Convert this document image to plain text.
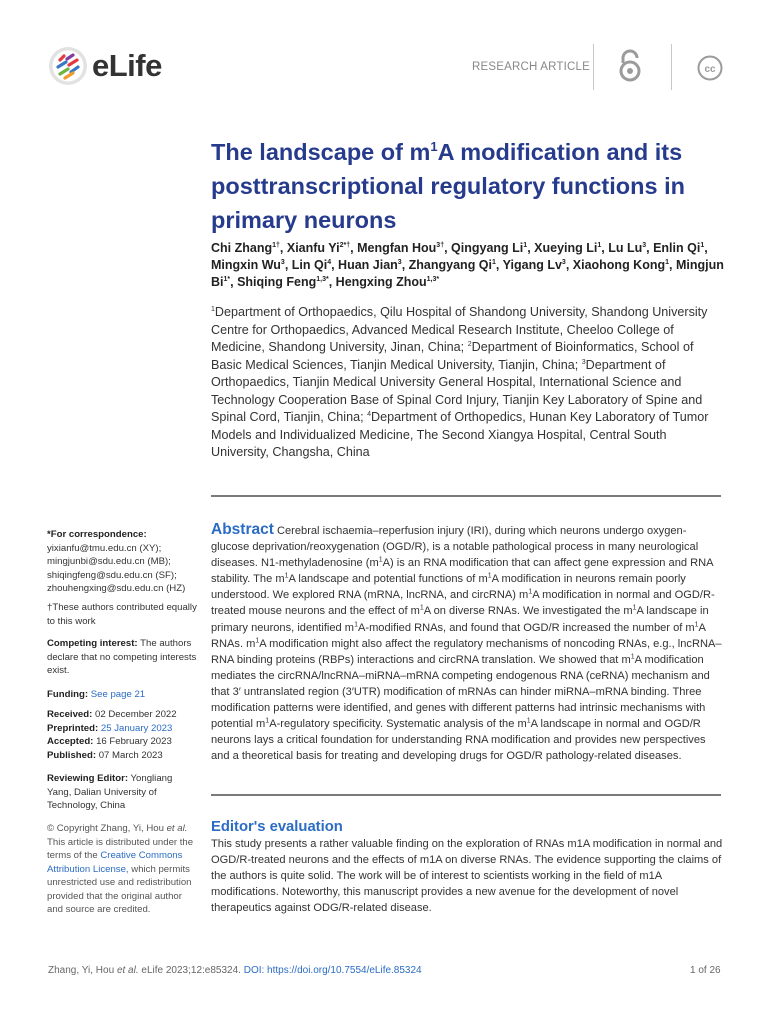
eLife	RESEARCH ARTICLE	cc
The landscape of $m^1A$ modification and its posttranscriptional regulatory functions in primary neurons
Chi Zhang$^{1\dagger}$, Xianfu $Yi^{2*\dagger}$, Mengfan Hou$^{3\dagger}$, Qingyang Li$^1$, Xueying Li$^1$, Lu Lu$^3$, Enlin Qi$^1$, Mingxin Wu$^3$, Lin Qi$^4$, Huan Jian$^3$, Zhangyang Qi$^1$, Yigang Lv$^3$, Xiaohong Kong$^1$, Mingjun $Bi^{1*}$, Shiqing Feng$^{1,3*}$, Hengxing Zhou$^{1,3*}$
$^1$Department of Orthopaedics, Qilu Hospital of Shandong University, Shandong University Centre for Orthopaedics, Advanced Medical Research Institute, Cheeloo College of Medicine, Shandong University, Jinan, China; $^2$Department of Bioinformatics, School of Basic Medical Sciences, Tianjin Medical University, Tianjin, China; $^3$Department of Orthopaedics, Tianjin Medical University General Hospital, International Science and Technology Cooperation Base of Spinal Cord Injury, Tianjin Key Laboratory of Spine and Spinal Cord, Tianjin, China; $^4$Department of Orthopedics, Hunan Key Laboratory of Tumor Models and Individualized Medicine, The Second Xiangya Hospital, Central South University, Changsha, China
*For correspondence:
yixianfu@tmu.edu.cn (XY);
mingjunbi@sdu.edu.cn (MB);
shiqingfeng@sdu.edu.cn (SF);
zhouhengxing@sdu.edu.cn (HZ)
†These authors contributed equally to this work
Competing interest: The authors declare that no competing interests exist.
Funding: See page 21
Received: 02 December 2022
Preprinted: 25 January 2023
Accepted: 16 February 2023
Published: 07 March 2023
Reviewing Editor: Yongliang Yang, Dalian University of Technology, China
© Copyright Zhang, Yi, Hou et al. This article is distributed under the terms of the Creative Commons Attribution License, which permits unrestricted use and redistribution provided that the original author and source are credited.
Abstract Cerebral ischaemia–reperfusion injury (IRI), during which neurons undergo oxygen-glucose deprivation/reoxygenation (OGD/R), is a notable pathological process in many neurological diseases. N1-methyladenosine $(m^1A)$ is an RNA modification that can affect gene expression and RNA stability. The $m^1A$ landscape and potential functions of $m^1A$ modification in neurons remain poorly understood. We explored RNA (mRNA, lncRNA, and circRNA) $m^1A$ modification in normal and OGD/R-treated mouse neurons and the effect of $m^1A$ on diverse RNAs. We investigated the $m^1A$ landscape in primary neurons, identified $m^1A$-modified RNAs, and found that OGD/R increased the number of $m^1A$ RNAs. $m^1A$ modification might also affect the regulatory mechanisms of noncoding RNAs, e.g., lncRNA–RNA binding proteins (RBPs) interactions and circRNA translation. We showed that $m^1A$ modification mediates the circRNA/lncRNA–miRNA–mRNA competing endogenous RNA (ceRNA) mechanism and that 3′ untranslated region (3′UTR) modification of mRNAs can hinder miRNA–mRNA binding. Three modification patterns were identified, and genes with different patterns had intrinsic mechanisms with potential $m^1A$-regulatory specificity. Systematic analysis of the $m^1A$ landscape in normal and OGD/R neurons lays a critical foundation for understanding RNA modification and provides new perspectives and a theoretical basis for treating and developing drugs for OGD/R pathology-related diseases.
Editor's evaluation
This study presents a rather valuable finding on the exploration of RNAs m1A modification in normal and OGD/R-treated neurons and the effects of m1A on diverse RNAs. The evidence supporting the claims of the authors is quite solid. The work will be of interest to scientists working in the field of m1A modifications. Noteworthy, this manuscript provides a new avenue for the development of novel therapeutics against ODG/R-related disease.
Zhang, Yi, Hou et al. eLife 2023;12:e85324. DOI: https://doi.org/10.7554/eLife.85324	1 of 26
